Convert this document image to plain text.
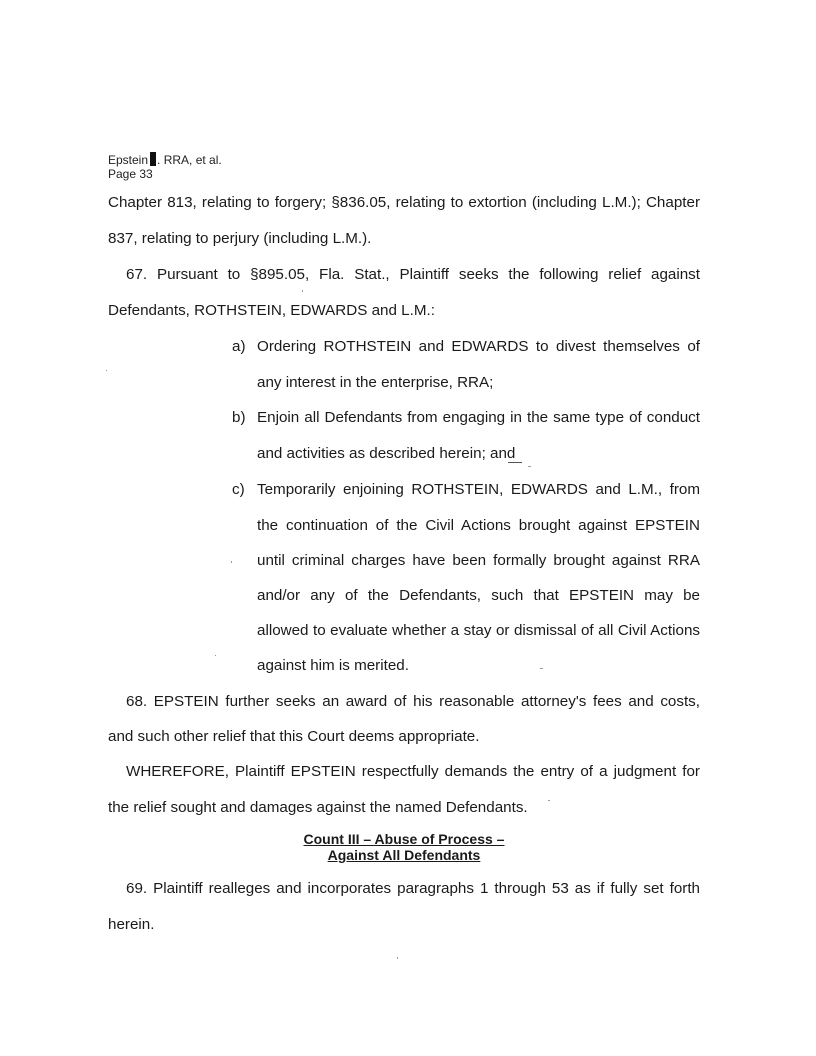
Epstein . RRA, et al.
Page 33
Chapter 813, relating to forgery; §836.05, relating to extortion (including L.M.); Chapter
837, relating to perjury (including L.M.).
67. Pursuant to §895.05, Fla. Stat., Plaintiff seeks the following relief against
Defendants, ROTHSTEIN, EDWARDS and L.M.:
a) Ordering ROTHSTEIN and EDWARDS to divest themselves of
any interest in the enterprise, RRA;
b) Enjoin all Defendants from engaging in the same type of conduct
and activities as described herein; and
c) Temporarily enjoining ROTHSTEIN, EDWARDS and L.M., from
the continuation of the Civil Actions brought against EPSTEIN
until criminal charges have been formally brought against RRA
and/or any of the Defendants, such that EPSTEIN may be
allowed to evaluate whether a stay or dismissal of all Civil Actions
against him is merited.
68. EPSTEIN further seeks an award of his reasonable attorney's fees and costs,
and such other relief that this Court deems appropriate.
WHEREFORE, Plaintiff EPSTEIN respectfully demands the entry of a judgment for
the relief sought and damages against the named Defendants.
Count III – Abuse of Process –
Against All Defendants
69. Plaintiff realleges and incorporates paragraphs 1 through 53 as if fully set forth
herein.
